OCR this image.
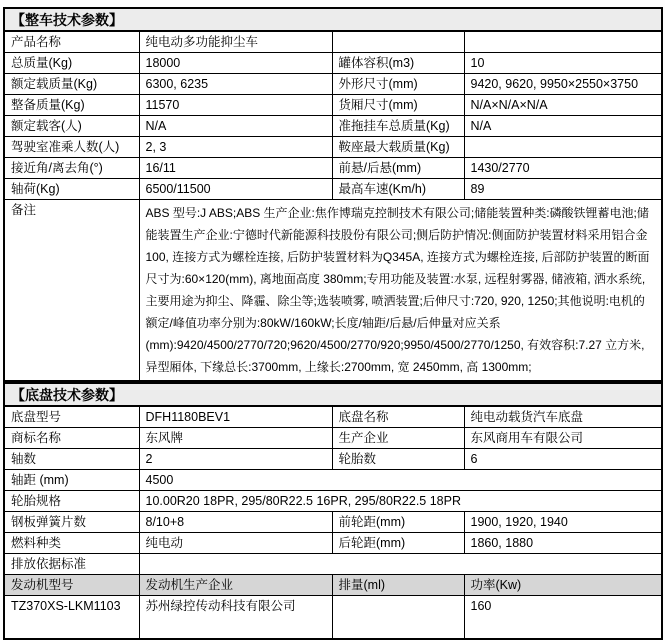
【整车技术参数】			
产品名称	纯电动多功能抑尘车		
总质量(Kg)	18000	罐体容积(m3)	10
额定载质量(Kg)	6300, 6235	外形尺寸(mm)	9420, 9620, 9950×2550×3750
整备质量(Kg)	11570	货厢尺寸(mm)	N/A×N/A×N/A
额定载客(人)	N/A	准拖挂车总质量(Kg)	N/A
驾驶室准乘人数(人)	2, 3	鞍座最大载质量(Kg)	
接近角/离去角(°)	16/11	前悬/后悬(mm)	1430/2770
轴荷(Kg)	6500/11500	最高车速(Km/h)	89
备注	ABS 型号:J ABS;ABS 生产企业:焦作博瑞克控制技术有限公司;储能装置种类:磷酸铁锂蓄电池;储能装置生产企业:宁德时代新能源科技股份有限公司;侧后防护情况:侧面防护装置材料采用铝合金 100, 连接方式为螺栓连接, 后防护装置材料为Q345A, 连接方式为螺栓连接, 后部防护装置的断面尺寸为:60×120(mm), 离地面高度 380mm;专用功能及装置:水泵, 远程射雾器, 储液箱, 洒水系统, 主要用途为抑尘、降霾、除尘等;选装喷雾, 喷洒装置;后伸尺寸:720, 920, 1250;其他说明:电机的额定/峰值功率分别为:80kW/160kW;长度/轴距/后悬/后伸量对应关系(mm):9420/4500/2770/720;9620/4500/2770/920;9950/4500/2770/1250, 有效容积:7.27 立方米, 异型厢体, 下缘总长:3700mm, 上缘长:2700mm, 宽 2450mm, 高 1300mm;		
【底盘技术参数】			
底盘型号	DFH1180BEV1	底盘名称	纯电动载货汽车底盘
商标名称	东风牌	生产企业	东风商用车有限公司
轴数	2	轮胎数	6
轴距 (mm)	4500		
轮胎规格	10.00R20 18PR, 295/80R22.5 16PR, 295/80R22.5 18PR		
钢板弹簧片数	8/10+8	前轮距(mm)	1900, 1920, 1940
燃料种类	纯电动	后轮距(mm)	1860, 1880
排放依据标准			
发动机型号	发动机生产企业	排量(ml)	功率(Kw)
TZ370XS-LKM1103	苏州绿控传动科技有限公司		160
